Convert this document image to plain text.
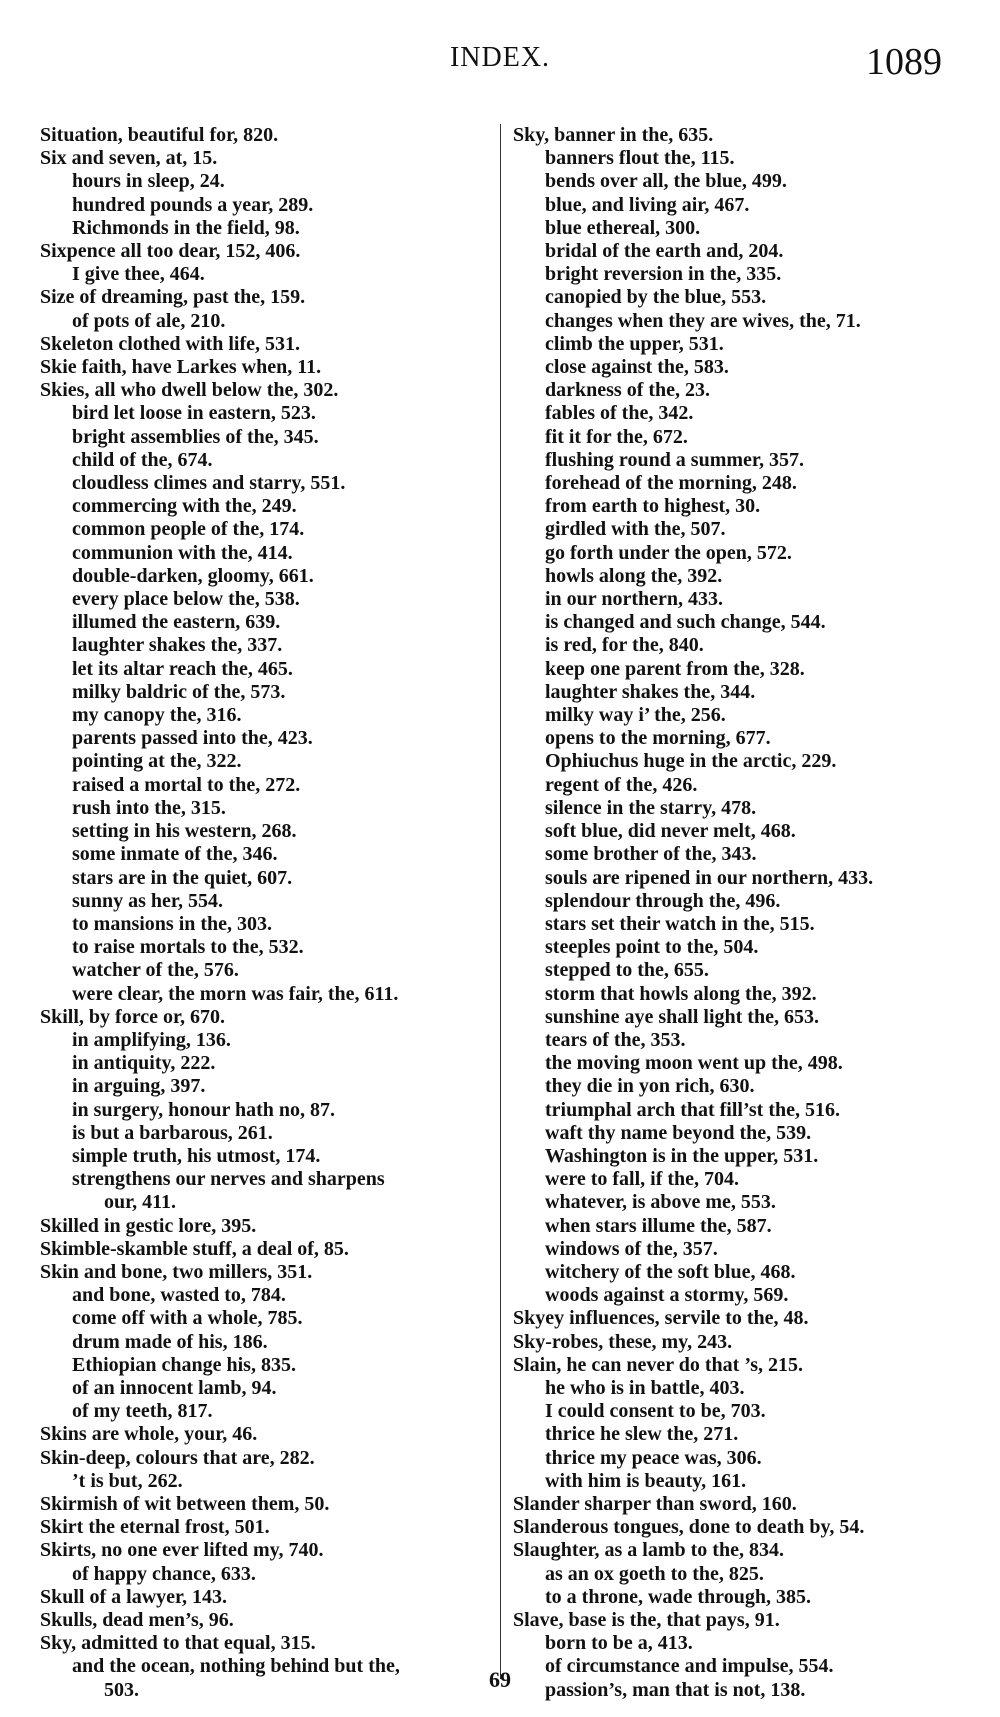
INDEX.	1089
Situation, beautiful for, 820.
Six and seven, at, 15.
hours in sleep, 24.
hundred pounds a year, 289.
Richmonds in the field, 98.
Sixpence all too dear, 152, 406.
I give thee, 464.
Size of dreaming, past the, 159.
of pots of ale, 210.
Skeleton clothed with life, 531.
Skie faith, have Larkes when, 11.
Skies, all who dwell below the, 302.
bird let loose in eastern, 523.
bright assemblies of the, 345.
child of the, 674.
cloudless climes and starry, 551.
commercing with the, 249.
common people of the, 174.
communion with the, 414.
double-darken, gloomy, 661.
every place below the, 538.
illumed the eastern, 639.
laughter shakes the, 337.
let its altar reach the, 465.
milky baldric of the, 573.
my canopy the, 316.
parents passed into the, 423.
pointing at the, 322.
raised a mortal to the, 272.
rush into the, 315.
setting in his western, 268.
some inmate of the, 346.
stars are in the quiet, 607.
sunny as her, 554.
to mansions in the, 303.
to raise mortals to the, 532.
watcher of the, 576.
were clear, the morn was fair, the, 611.
Skill, by force or, 670.
in amplifying, 136.
in antiquity, 222.
in arguing, 397.
in surgery, honour hath no, 87.
is but a barbarous, 261.
simple truth, his utmost, 174.
strengthens our nerves and sharpens
our, 411.
Skilled in gestic lore, 395.
Skimble-skamble stuff, a deal of, 85.
Skin and bone, two millers, 351.
and bone, wasted to, 784.
come off with a whole, 785.
drum made of his, 186.
Ethiopian change his, 835.
of an innocent lamb, 94.
of my teeth, 817.
Skins are whole, your, 46.
Skin-deep, colours that are, 282.
’t is but, 262.
Skirmish of wit between them, 50.
Skirt the eternal frost, 501.
Skirts, no one ever lifted my, 740.
of happy chance, 633.
Skull of a lawyer, 143.
Skulls, dead men’s, 96.
Sky, admitted to that equal, 315.
and the ocean, nothing behind but the,
503.
Sky, banner in the, 635.
banners flout the, 115.
bends over all, the blue, 499.
blue, and living air, 467.
blue ethereal, 300.
bridal of the earth and, 204.
bright reversion in the, 335.
canopied by the blue, 553.
changes when they are wives, the, 71.
climb the upper, 531.
close against the, 583.
darkness of the, 23.
fables of the, 342.
fit it for the, 672.
flushing round a summer, 357.
forehead of the morning, 248.
from earth to highest, 30.
girdled with the, 507.
go forth under the open, 572.
howls along the, 392.
in our northern, 433.
is changed and such change, 544.
is red, for the, 840.
keep one parent from the, 328.
laughter shakes the, 344.
milky way i’ the, 256.
opens to the morning, 677.
Ophiuchus huge in the arctic, 229.
regent of the, 426.
silence in the starry, 478.
soft blue, did never melt, 468.
some brother of the, 343.
souls are ripened in our northern, 433.
splendour through the, 496.
stars set their watch in the, 515.
steeples point to the, 504.
stepped to the, 655.
storm that howls along the, 392.
sunshine aye shall light the, 653.
tears of the, 353.
the moving moon went up the, 498.
they die in yon rich, 630.
triumphal arch that fill’st the, 516.
waft thy name beyond the, 539.
Washington is in the upper, 531.
were to fall, if the, 704.
whatever, is above me, 553.
when stars illume the, 587.
windows of the, 357.
witchery of the soft blue, 468.
woods against a stormy, 569.
Skyey influences, servile to the, 48.
Sky-robes, these, my, 243.
Slain, he can never do that ’s, 215.
he who is in battle, 403.
I could consent to be, 703.
thrice he slew the, 271.
thrice my peace was, 306.
with him is beauty, 161.
Slander sharper than sword, 160.
Slanderous tongues, done to death by, 54.
Slaughter, as a lamb to the, 834.
as an ox goeth to the, 825.
to a throne, wade through, 385.
Slave, base is the, that pays, 91.
born to be a, 413.
of circumstance and impulse, 554.
passion’s, man that is not, 138.
69
